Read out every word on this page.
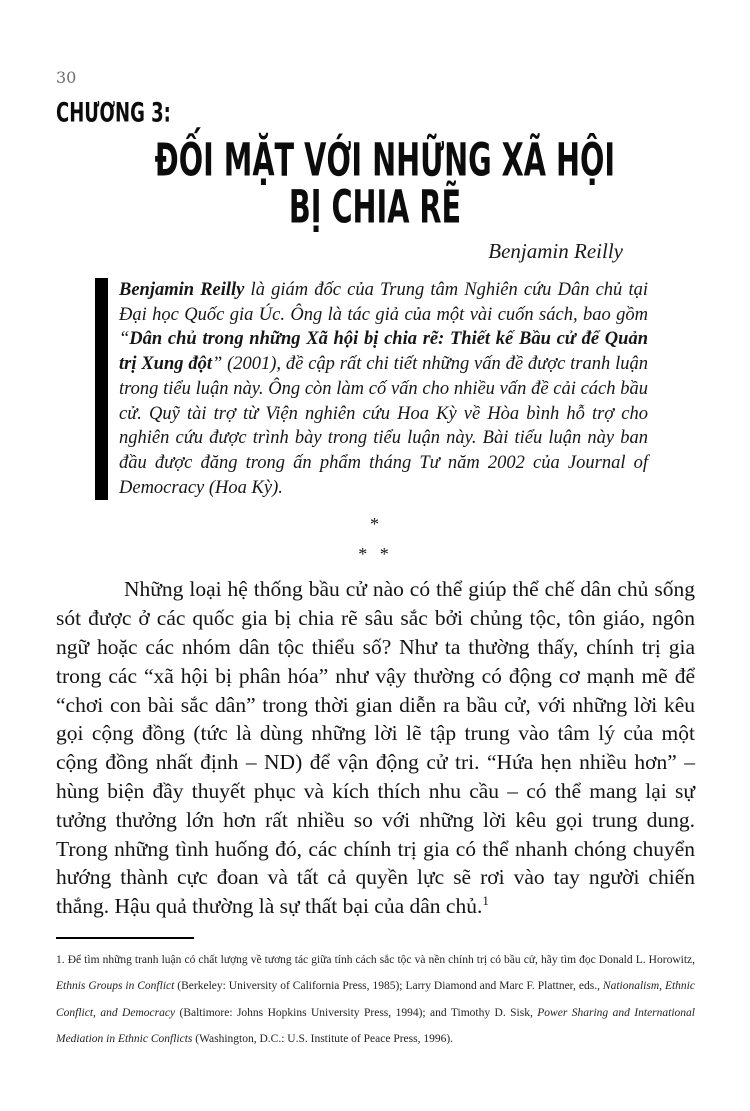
30
CHƯƠNG 3:
ĐỐI MẶT VỚI NHỮNG XÃ HỘI
BỊ CHIA RẼ
Benjamin Reilly
Benjamin Reilly là giám đốc của Trung tâm Nghiên cứu Dân chủ tại Đại học Quốc gia Úc. Ông là tác giả của một vài cuốn sách, bao gồm “Dân chủ trong những Xã hội bị chia rẽ: Thiết kế Bầu cử để Quản trị Xung đột” (2001), đề cập rất chi tiết những vấn đề được tranh luận trong tiểu luận này. Ông còn làm cố vấn cho nhiều vấn đề cải cách bầu cử. Quỹ tài trợ từ Viện nghiên cứu Hoa Kỳ về Hòa bình hỗ trợ cho nghiên cứu được trình bày trong tiểu luận này. Bài tiểu luận này ban đầu được đăng trong ấn phẩm tháng Tư năm 2002 của Journal of Democracy (Hoa Kỳ).
*
* *

Những loại hệ thống bầu cử nào có thể giúp thể chế dân chủ sống sót được ở các quốc gia bị chia rẽ sâu sắc bởi chủng tộc, tôn giáo, ngôn ngữ hoặc các nhóm dân tộc thiểu số? Như ta thường thấy, chính trị gia trong các “xã hội bị phân hóa” như vậy thường có động cơ mạnh mẽ để “chơi con bài sắc dân” trong thời gian diễn ra bầu cử, với những lời kêu gọi cộng đồng (tức là dùng những lời lẽ tập trung vào tâm lý của một cộng đồng nhất định – ND) để vận động cử tri. “Hứa hẹn nhiều hơn” – hùng biện đầy thuyết phục và kích thích nhu cầu – có thể mang lại sự tưởng thưởng lớn hơn rất nhiều so với những lời kêu gọi trung dung. Trong những tình huống đó, các chính trị gia có thể nhanh chóng chuyển hướng thành cực đoan và tất cả quyền lực sẽ rơi vào tay người chiến thắng. Hậu quả thường là sự thất bại của dân chủ.$^1$

1. Để tìm những tranh luận có chất lượng về tương tác giữa tính cách sắc tộc và nền chính trị có bầu cử, hãy tìm đọc Donald L. Horowitz, Ethnis Groups in Conflict (Berkeley: University of California Press, 1985); Larry Diamond and Marc F. Plattner, eds., Nationalism, Ethnic Conflict, and Democracy (Baltimore: Johns Hopkins University Press, 1994); and Timothy D. Sisk, Power Sharing and International Mediation in Ethnic Conflicts (Washington, D.C.: U.S. Institute of Peace Press, 1996).
